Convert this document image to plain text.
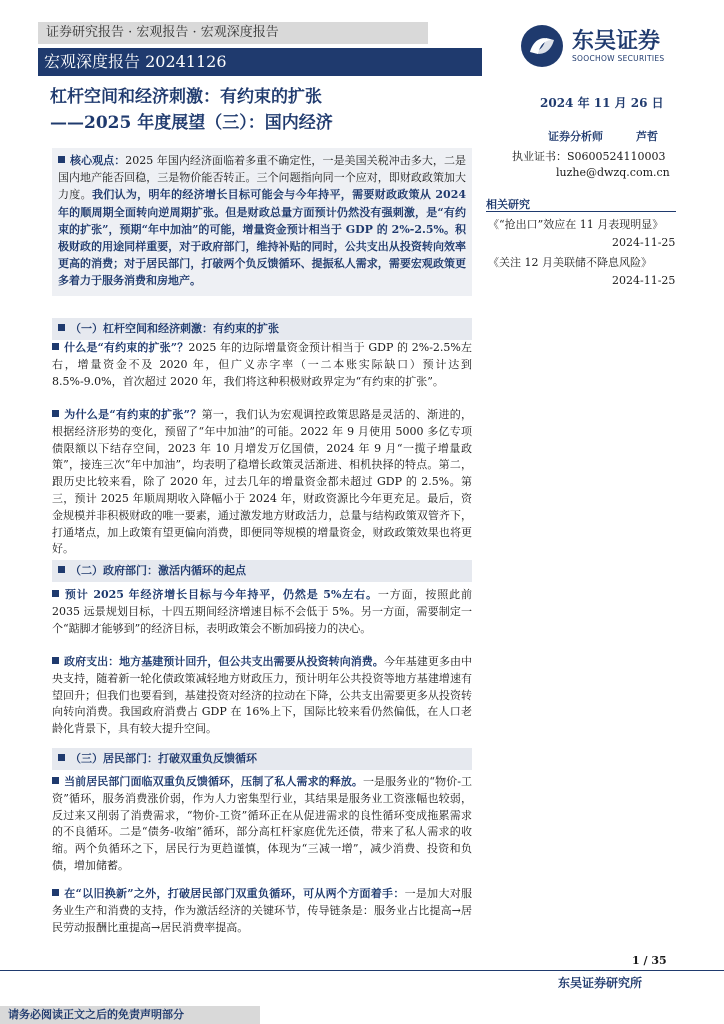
证券研究报告 · 宏观报告 · 宏观深度报告
宏观深度报告 20241126
东吴证券
SOOCHOW SECURITIES
杠杆空间和经济刺激：有约束的扩张
——2025 年度展望（三）：国内经济
2024 年 11 月 26 日
证券分析师	芦哲
执业证书：S0600524110003
luzhe@dwzq.com.cn
相关研究
《“抢出口”效应在 11 月表现明显》
2024-11-25
《关注 12 月美联储不降息风险》
2024-11-25
核心观点：2025 年国内经济面临着多重不确定性，一是美国关税冲击多大，二是国内地产能否回稳，三是物价能否转正。三个问题指向同一个应对，即财政政策加大力度。我们认为，明年的经济增长目标可能会与今年持平，需要财政政策从 2024 年的顺周期全面转向逆周期扩张。但是财政总量方面预计仍然没有强刺激，是“有约束的扩张”，预期“年中加油”的可能，增量资金预计相当于 GDP 的 2%-2.5%。积极财政的用途同样重要，对于政府部门，维持补贴的同时，公共支出从投资转向效率更高的消费；对于居民部门，打破两个负反馈循环、提振私人需求，需要宏观政策更多着力于服务消费和房地产。
（一）杠杆空间和经济刺激：有约束的扩张
什么是“有约束的扩张”？2025 年的边际增量资金预计相当于 GDP 的 2%-2.5%左右，增量资金不及 2020 年，但广义赤字率（一二本账实际缺口）预计达到 8.5%-9.0%，首次超过 2020 年，我们将这种积极财政界定为“有约束的扩张”。
为什么是“有约束的扩张”？第一，我们认为宏观调控政策思路是灵活的、渐进的，根据经济形势的变化，预留了“年中加油”的可能。2022 年 9 月使用 5000 多亿专项债限额以下结存空间，2023 年 10 月增发万亿国债，2024 年 9 月“一揽子增量政策”，接连三次“年中加油”，均表明了稳增长政策灵活渐进、相机抉择的特点。第二，跟历史比较来看，除了 2020 年，过去几年的增量资金都未超过 GDP 的 2.5%。第三，预计 2025 年顺周期收入降幅小于 2024 年，财政资源比今年更充足。最后，资金规模并非积极财政的唯一要素，通过激发地方财政活力，总量与结构政策双管齐下，打通堵点，加上政策有望更偏向消费，即便同等规模的增量资金，财政政策效果也将更好。
（二）政府部门：激活内循环的起点
预计 2025 年经济增长目标与今年持平，仍然是 5%左右。一方面，按照此前 2035 远景规划目标，十四五期间经济增速目标不会低于 5%。另一方面，需要制定一个“踮脚才能够到”的经济目标，表明政策会不断加码接力的决心。
政府支出：地方基建预计回升，但公共支出需要从投资转向消费。今年基建更多由中央支持，随着新一轮化债政策减轻地方财政压力，预计明年公共投资等地方基建增速有望回升；但我们也要看到，基建投资对经济的拉动在下降，公共支出需要更多从投资转向转向消费。我国政府消费占 GDP 在 16%上下，国际比较来看仍然偏低，在人口老龄化背景下，具有较大提升空间。
（三）居民部门：打破双重负反馈循环
当前居民部门面临双重负反馈循环，压制了私人需求的释放。一是服务业的“物价-工资”循环，服务消费涨价弱，作为人力密集型行业，其结果是服务业工资涨幅也较弱，反过来又削弱了消费需求，“物价-工资”循环正在从促进需求的良性循环变成拖累需求的不良循环。二是“债务-收缩”循环，部分高杠杆家庭优先还债，带来了私人需求的收缩。两个负循环之下，居民行为更趋谨慎，体现为“三减一增”，减少消费、投资和负债，增加储蓄。
在“以旧换新”之外，打破居民部门双重负循环，可从两个方面着手：一是加大对服务业生产和消费的支持，作为激活经济的关键环节，传导链条是：服务业占比提高→居民劳动报酬比重提高→居民消费率提高。
1 / 35
东吴证券研究所
请务必阅读正文之后的免责声明部分
